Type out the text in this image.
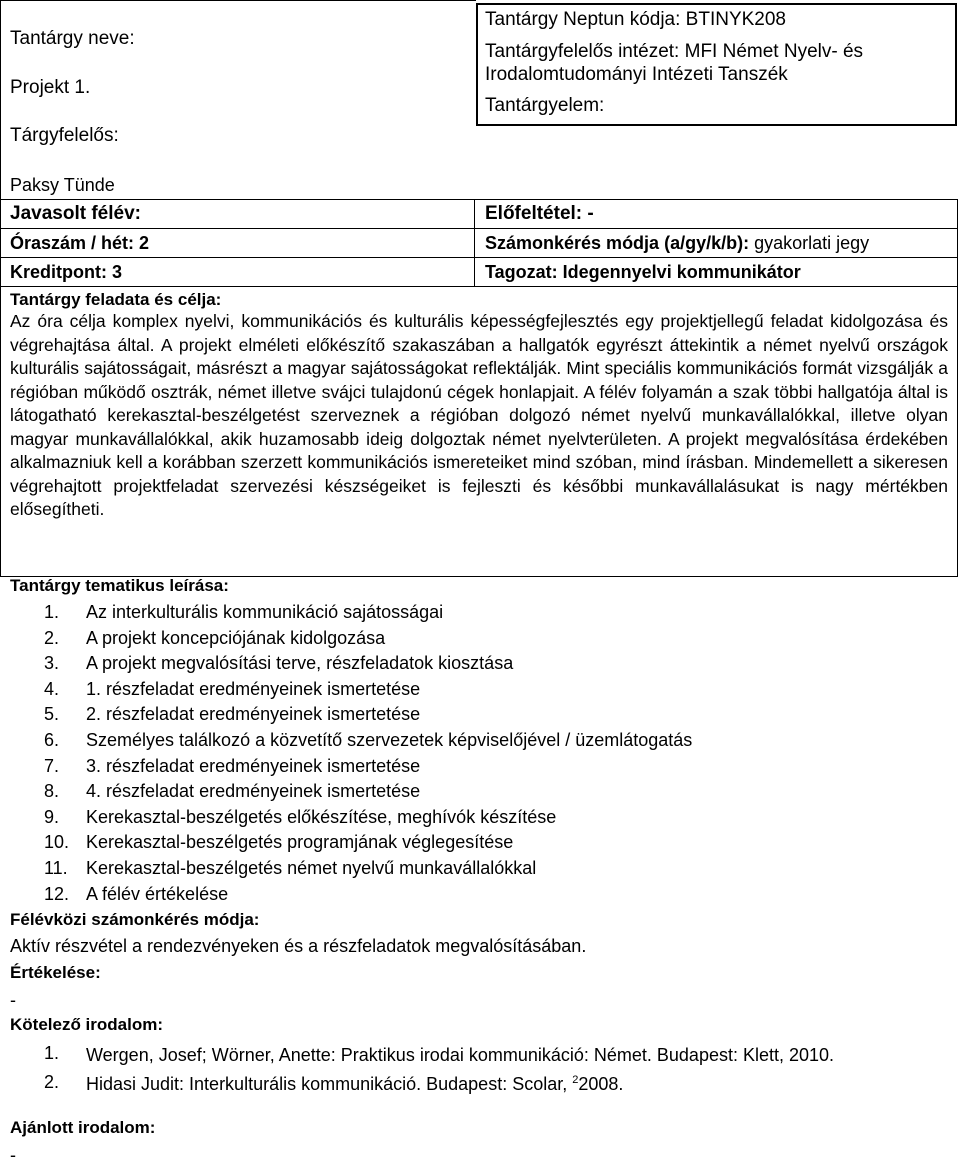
Tantárgy neve:
Projekt 1.
Tárgyfelelős:
Tantárgy Neptun kódja: BTINYK208
Tantárgyfelelős intézet: MFI Német Nyelv- és
Irodalomtudományi Intézeti Tanszék
Tantárgyelem:
Paksy Tünde
Javasolt félév:	Előfeltétel: -
Óraszám / hét: 2	Számonkérés módja (a/gy/k/b): gyakorlati jegy
Kreditpont: 3	Tagozat: Idegennyelvi kommunikátor
Tantárgy feladata és célja:
Az óra célja komplex nyelvi, kommunikációs és kulturális képességfejlesztés egy projektjellegű feladat kidolgozása és végrehajtása által. A projekt elméleti előkészítő szakaszában a hallgatók egyrészt áttekintik a német nyelvű országok kulturális sajátosságait, másrészt a magyar sajátosságokat reflektálják. Mint speciális kommunikációs formát vizsgálják a régióban működő osztrák, német illetve svájci tulajdonú cégek honlapjait. A félév folyamán a szak többi hallgatója által is látogatható kerekasztal-beszélgetést szerveznek a régióban dolgozó német nyelvű munkavállalókkal, illetve olyan magyar munkavállalókkal, akik huzamosabb ideig dolgoztak német nyelvterületen. A projekt megvalósítása érdekében alkalmazniuk kell a korábban szerzett kommunikációs ismereteiket mind szóban, mind írásban. Mindemellett a sikeresen végrehajtott projektfeladat szervezési készségeiket is fejleszti és későbbi munkavállalásukat is nagy mértékben elősegítheti.
Tantárgy tematikus leírása:
1. Az interkulturális kommunikáció sajátosságai
2. A projekt koncepciójának kidolgozása
3. A projekt megvalósítási terve, részfeladatok kiosztása
4. 1. részfeladat eredményeinek ismertetése
5. 2. részfeladat eredményeinek ismertetése
6. Személyes találkozó a közvetítő szervezetek képviselőjével / üzemlátogatás
7. 3. részfeladat eredményeinek ismertetése
8. 4. részfeladat eredményeinek ismertetése
9. Kerekasztal-beszélgetés előkészítése, meghívók készítése
10. Kerekasztal-beszélgetés programjának véglegesítése
11. Kerekasztal-beszélgetés német nyelvű munkavállalókkal
12. A félév értékelése
Félévközi számonkérés módja:
Aktív részvétel a rendezvényeken és a részfeladatok megvalósításában.
Értékelése:
-
Kötelező irodalom:
1. Wergen, Josef; Wörner, Anette: Praktikus irodai kommunikáció: Német. Budapest: Klett, 2010.
2. Hidasi Judit: Interkulturális kommunikáció. Budapest: Scolar, $^2$2008.
Ajánlott irodalom:
-
